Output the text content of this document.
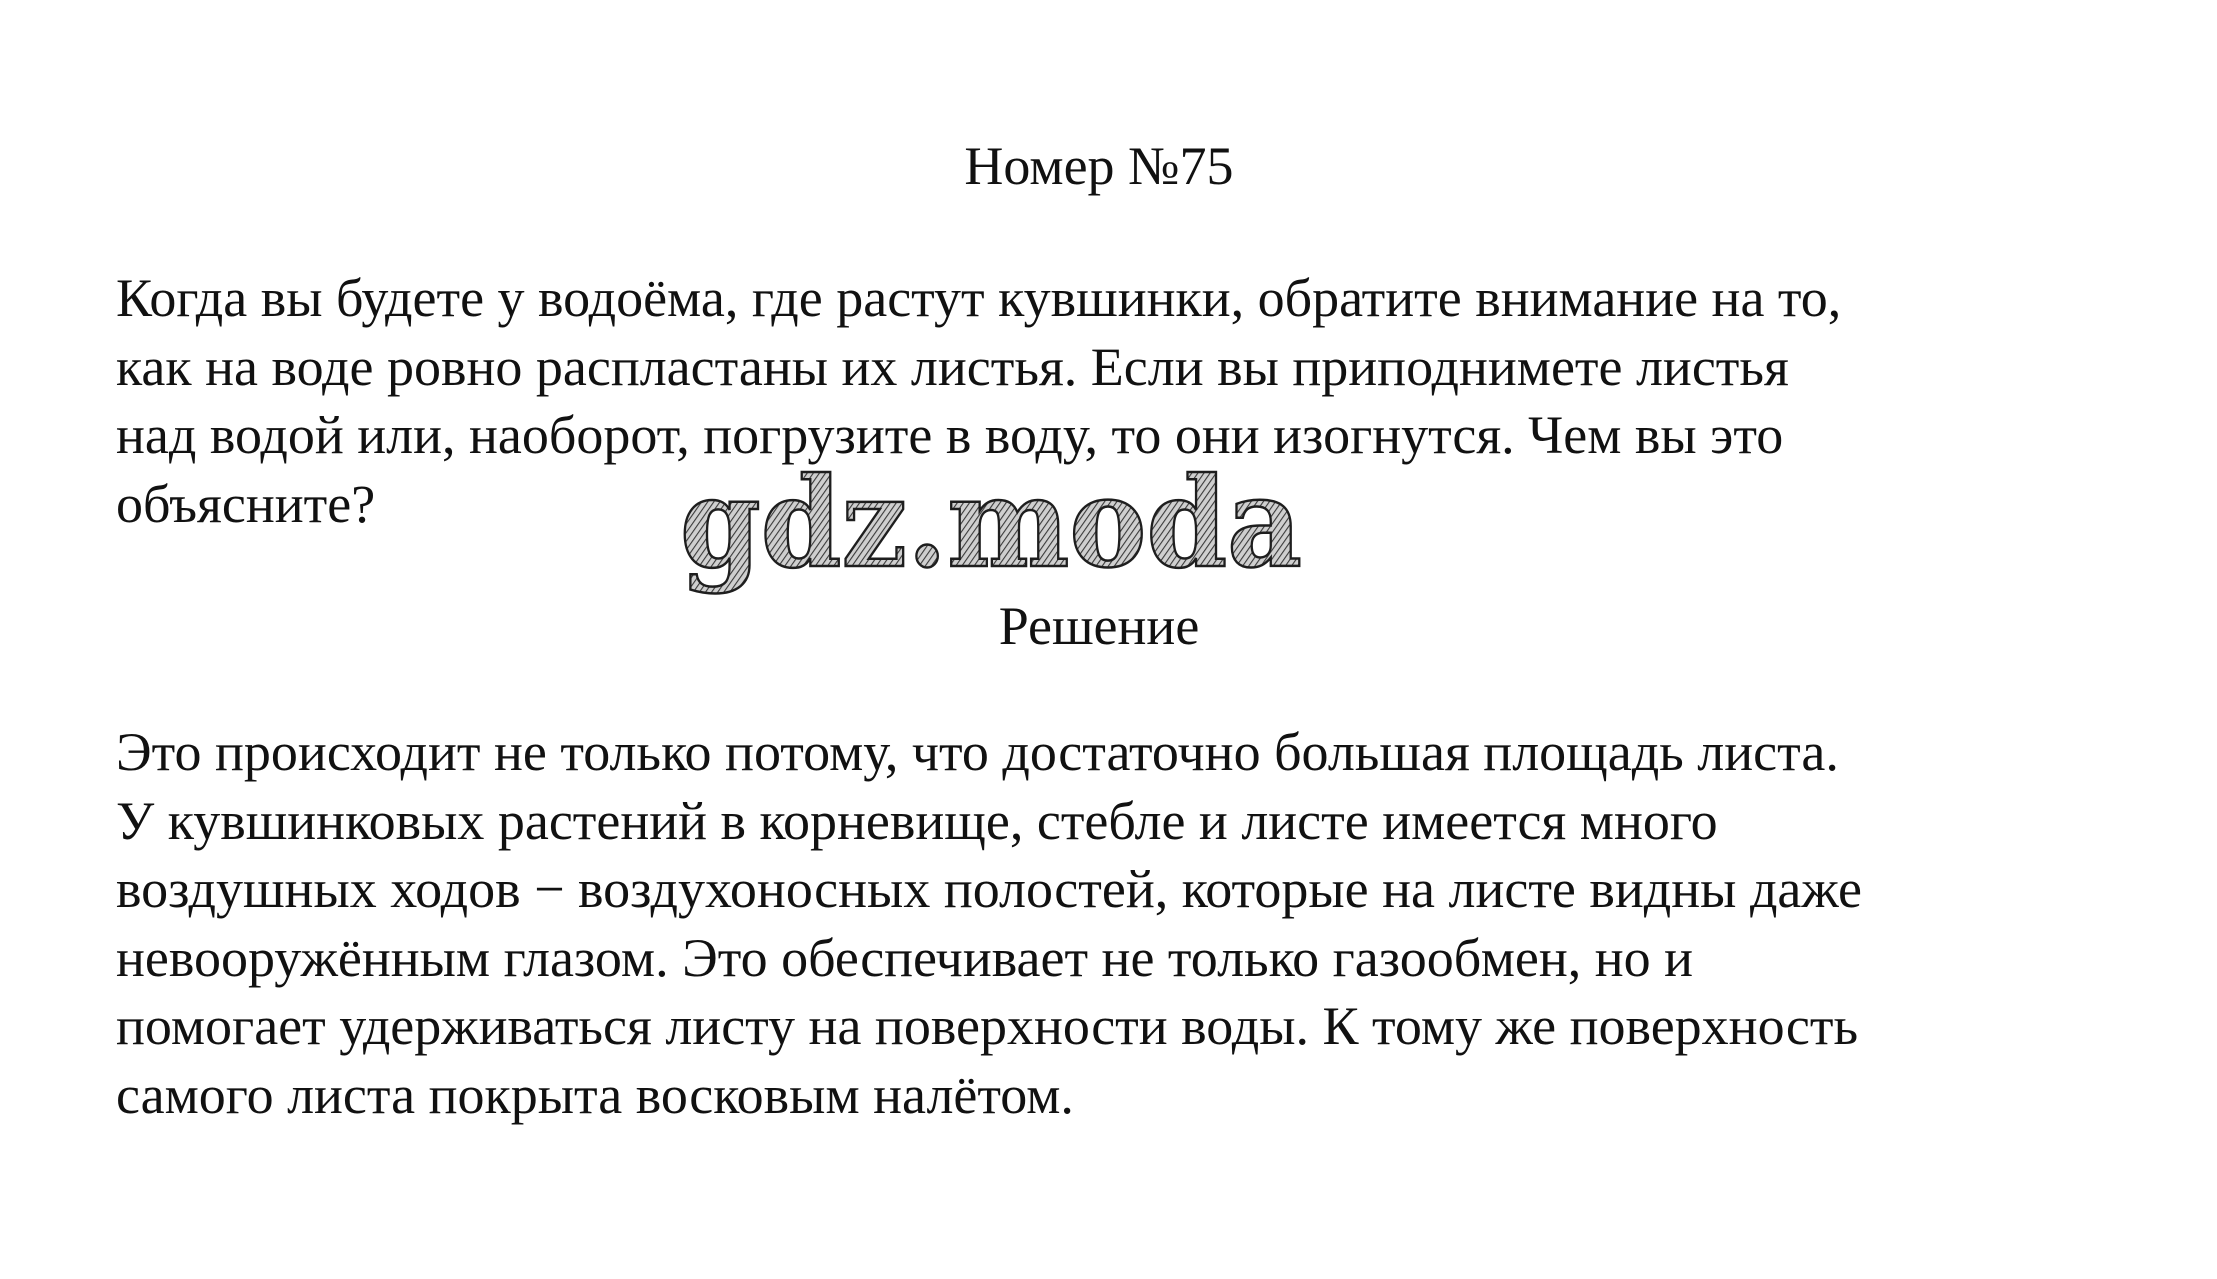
Номер №75
Когда вы будете у водоёма, где растут кувшинки, обратите внимание на то,
как на воде ровно распластаны их листья. Если вы приподнимете листья
над водой или, наоборот, погрузите в воду, то они изогнутся. Чем вы это
объясните?	gdz.moda
Решение
Это происходит не только потому, что достаточно большая площадь листа.
У кувшинковых растений в корневище, стебле и листе имеется много
воздушных ходов − воздухоносных полостей, которые на листе видны даже
невооружённым глазом. Это обеспечивает не только газообмен, но и
помогает удерживаться листу на поверхности воды. К тому же поверхность
самого листа покрыта восковым налётом.
